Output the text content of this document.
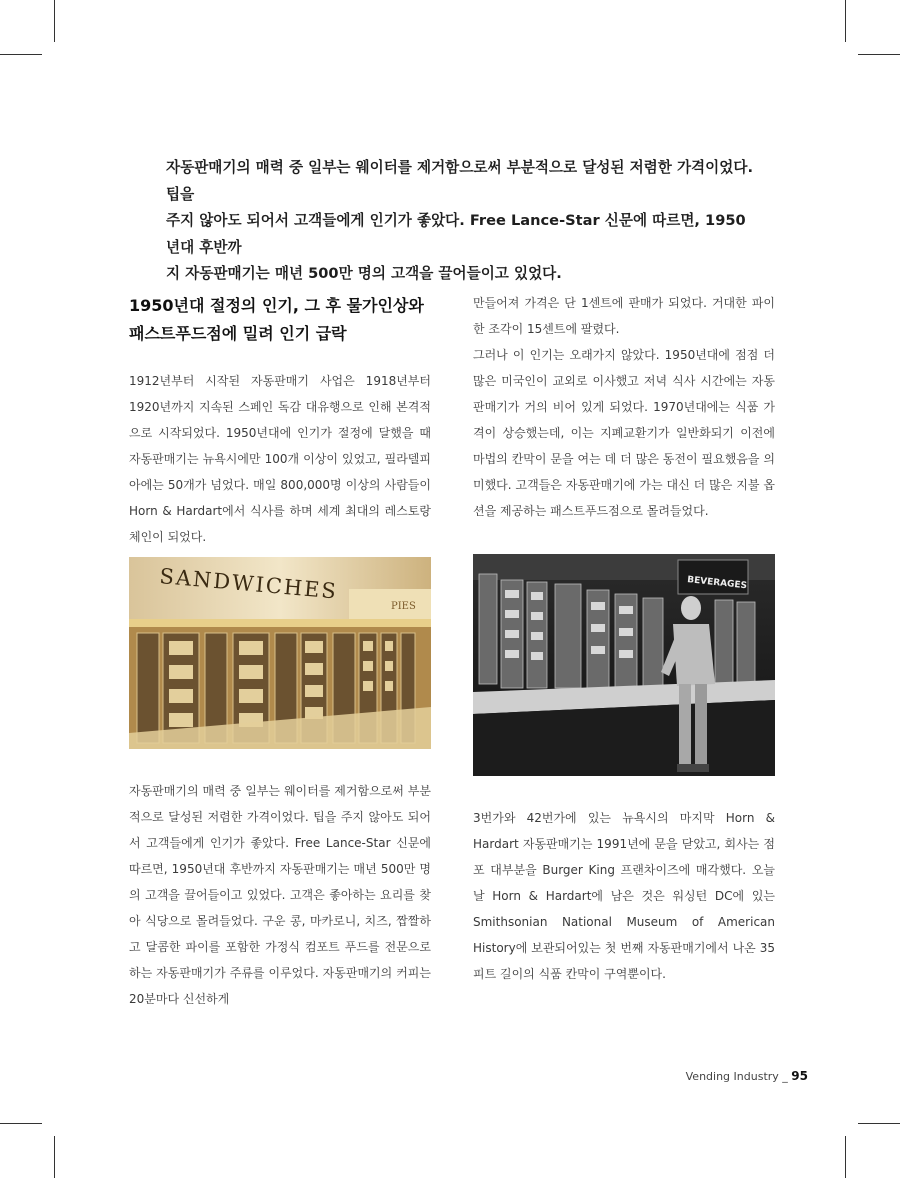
자동판매기의 매력 중 일부는 웨이터를 제거함으로써 부분적으로 달성된 저렴한 가격이었다. 팁을
주지 않아도 되어서 고객들에게 인기가 좋았다. Free Lance-Star 신문에 따르면, 1950년대 후반까
지 자동판매기는 매년 500만 명의 고객을 끌어들이고 있었다.
1950년대 절정의 인기, 그 후 물가인상와
패스트푸드점에 밀려 인기 급락

1912년부터 시작된 자동판매기 사업은 1918년부터 1920년까지 지속된 스페인 독감 대유행으로 인해 본격적으로 시작되었다. 1950년대에 인기가 절정에 달했을 때 자동판매기는 뉴욕시에만 100개 이상이 있었고, 필라델피아에는 50개가 넘었다. 매일 800,000명 이상의 사람들이 Horn & Hardart에서 식사를 하며 세계 최대의 레스토랑 체인이 되었다.

만들어져 가격은 단 1센트에 판매가 되었다. 거대한 파이 한 조각이 15센트에 팔렸다.

그러나 이 인기는 오래가지 않았다. 1950년대에 점점 더 많은 미국인이 교외로 이사했고 저녁 식사 시간에는 자동판매기가 거의 비어 있게 되었다. 1970년대에는 식품 가격이 상승했는데, 이는 지폐교환기가 일반화되기 이전에 마법의 칸막이 문을 여는 데 더 많은 동전이 필요했음을 의미했다. 고객들은 자동판매기에 가는 대신 더 많은 지불 옵션을 제공하는 패스트푸드점으로 몰려들었다.

SANDWICHES
PIES
BEVERAGES

자동판매기의 매력 중 일부는 웨이터를 제거함으로써 부분적으로 달성된 저렴한 가격이었다. 팁을 주지 않아도 되어서 고객들에게 인기가 좋았다. Free Lance-Star 신문에 따르면, 1950년대 후반까지 자동판매기는 매년 500만 명의 고객을 끌어들이고 있었다. 고객은 좋아하는 요리를 찾아 식당으로 몰려들었다. 구운 콩, 마카로니, 치즈, 짭짤하고 달콤한 파이를 포함한 가정식 컴포트 푸드를 전문으로 하는 자동판매기가 주류를 이루었다. 자동판매기의 커피는 20분마다 신선하게

3번가와 42번가에 있는 뉴욕시의 마지막 Horn & Hardart 자동판매기는 1991년에 문을 닫았고, 회사는 점포 대부분을 Burger King 프랜차이즈에 매각했다. 오늘날 Horn & Hardart에 남은 것은 워싱턴 DC에 있는 Smithsonian National Museum of American History에 보관되어있는 첫 번째 자동판매기에서 나온 35피트 길이의 식품 칸막이 구역뿐이다.

Vending Industry _ 95
